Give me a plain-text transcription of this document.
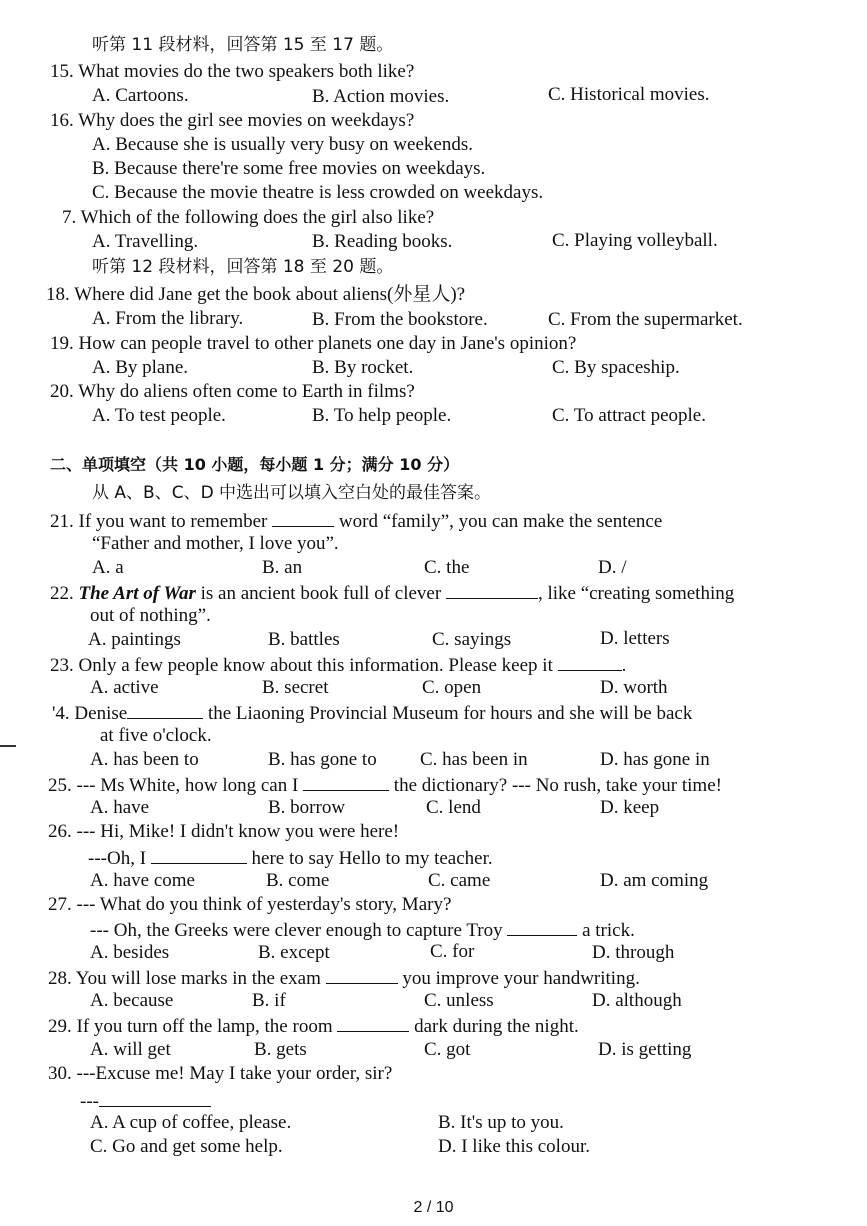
听第 11 段材料，回答第 15 至 17 题。
15. What movies do the two speakers both like?
A. Cartoons.	B. Action movies.	C. Historical movies.
16. Why does the girl see movies on weekdays?
A. Because she is usually very busy on weekends.
B. Because there're some free movies on weekdays.
C. Because the movie theatre is less crowded on weekdays.
7. Which of the following does the girl also like?
A. Travelling.	B. Reading books.	C. Playing volleyball.
听第 12 段材料，回答第 18 至 20 题。
18. Where did Jane get the book about aliens(外星人)?
A. From the library.	B. From the bookstore.	C. From the supermarket.
19. How can people travel to other planets one day in Jane's opinion?
A. By plane.	B. By rocket.	C. By spaceship.
20. Why do aliens often come to Earth in films?
A. To test people.	B. To help people.	C. To attract people.
二、单项填空（共 10 小题，每小题 1 分；满分 10 分）
从 A、B、C、D 中选出可以填入空白处的最佳答案。
21. If you want to remember	word “family”, you can make the sentence
“Father and mother, I love you”.
A. a	B. an	C. the	D. /
22. The Art of War is an ancient book full of clever	, like “creating something
out of nothing”.
A. paintings	B. battles	C. sayings	D. letters
23. Only a few people know about this information. Please keep it	.
A. active	B. secret	C. open	D. worth
'4. Denise	the Liaoning Provincial Museum for hours and she will be back
at five o'clock.
A. has been to	B. has gone to C. has been in	D. has gone in
25. --- Ms White, how long can I	the dictionary? --- No rush, take your time!
A. have	B. borrow	C. lend	D. keep
26. --- Hi, Mike! I didn't know you were here!
---Oh, I	here to say Hello to my teacher.
A. have come	B. come	C. came	D. am coming
27. --- What do you think of yesterday's story, Mary?
--- Oh, the Greeks were clever enough to capture Troy	a trick.
A. besides	B. except	C. for	D. through
28. You will lose marks in the exam	you improve your handwriting.
A. because	B. if	C. unless	D. although
29. If you turn off the lamp, the room	dark during the night.
A. will get	B. gets	C. got	D. is getting
30. ---Excuse me! May I take your order, sir?
---
A. A cup of coffee, please.	B. It's up to you.
C. Go and get some help.	D. I like this colour.
2 / 10
